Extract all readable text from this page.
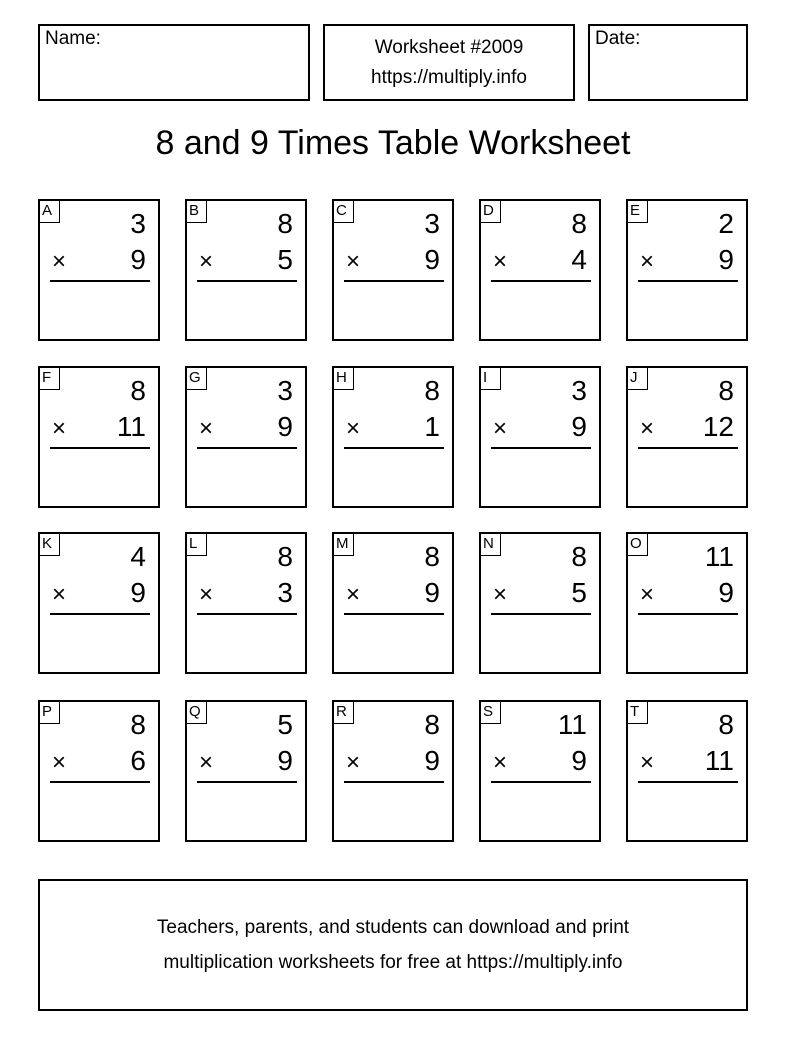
Name:	Worksheet #2009
https://multiply.info
Date:
8 and 9 Times Table Worksheet
A	3
× 9
B	8
× 5
C	3
× 9
D	8
× 4
E	2
× 9
F	8
× 11
G	3
× 9
H	8
× 1
I	3
× 9
J	8
× 12
K	4
× 9
L	8
× 3
M	8
× 9
N	8
× 5
O 11
× 9
P	8
× 6
Q	5
× 9
R	8
× 9
S 11
× 9
T	8
× 11
Teachers, parents, and students can download and print
multiplication worksheets for free at https://multiply.info
